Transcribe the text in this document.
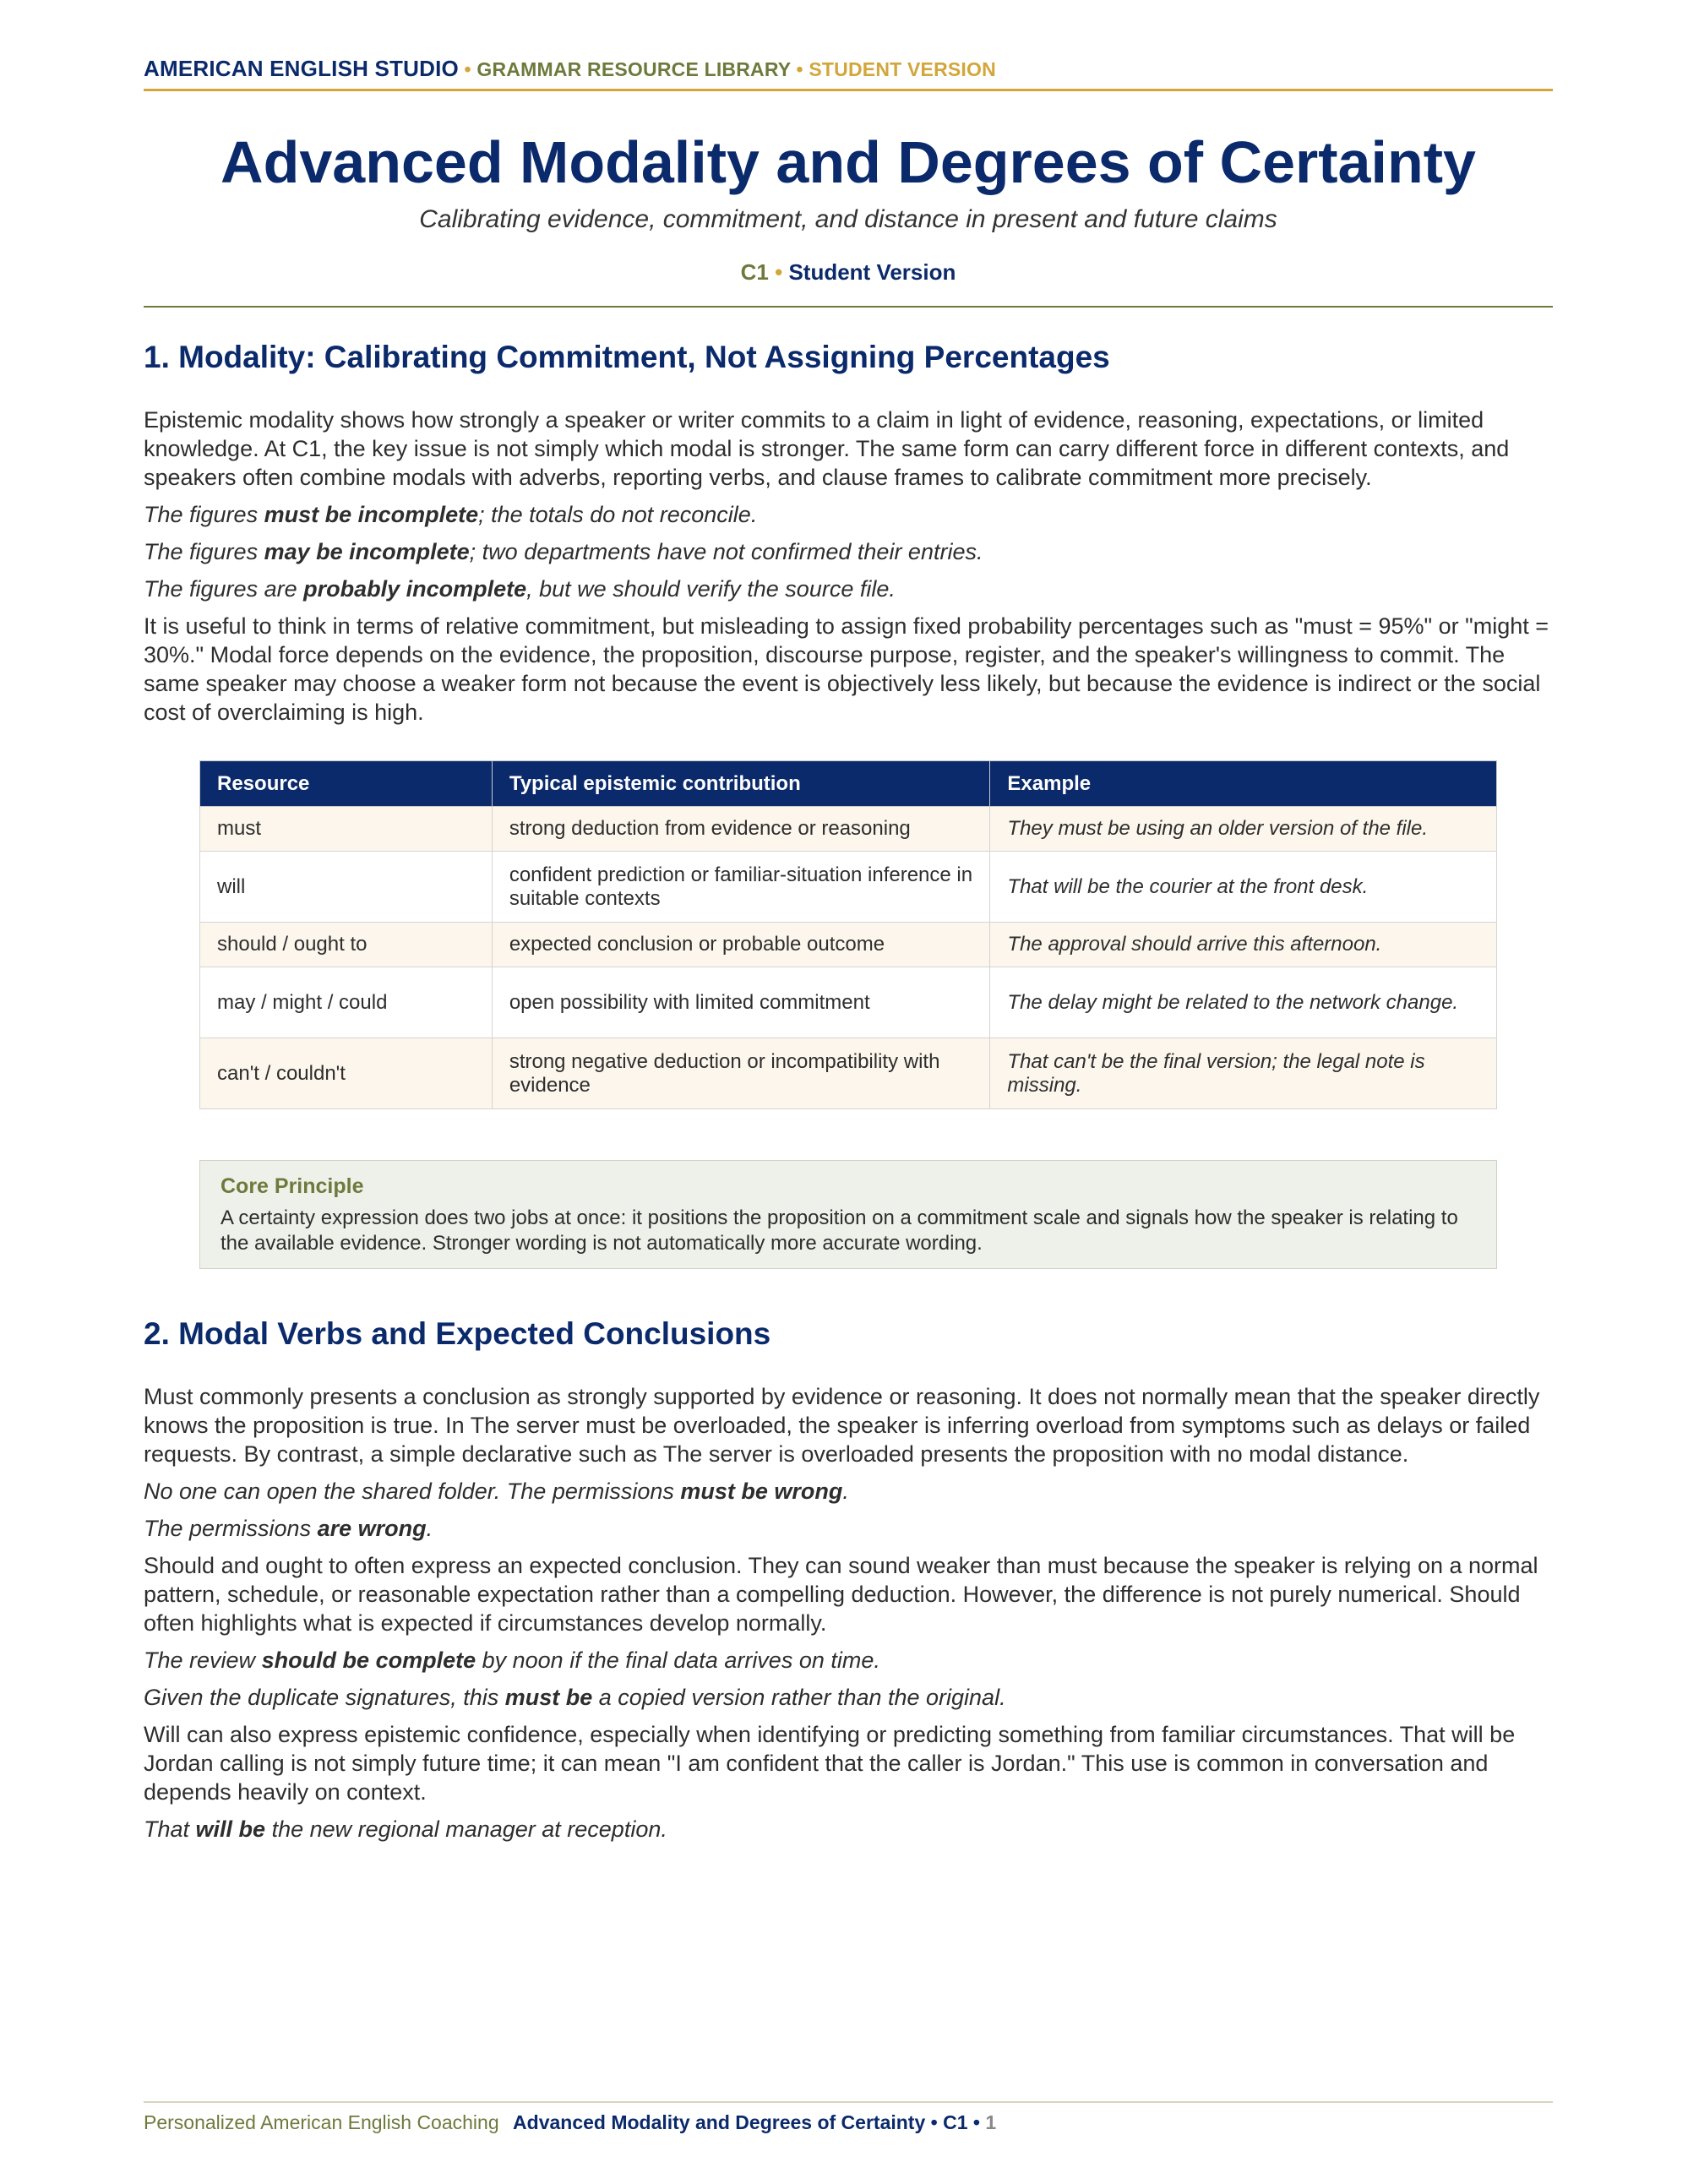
AMERICAN ENGLISH STUDIO • GRAMMAR RESOURCE LIBRARY • STUDENT VERSION
Advanced Modality and Degrees of Certainty
Calibrating evidence, commitment, and distance in present and future claims
C1 • Student Version
1. Modality: Calibrating Commitment, Not Assigning Percentages

Epistemic modality shows how strongly a speaker or writer commits to a claim in light of evidence, reasoning, expectations, or limited knowledge. At C1, the key issue is not simply which modal is stronger. The same form can carry different force in different contexts, and speakers often combine modals with adverbs, reporting verbs, and clause frames to calibrate commitment more precisely.

The figures must be incomplete; the totals do not reconcile.

The figures may be incomplete; two departments have not confirmed their entries.

The figures are probably incomplete, but we should verify the source file.

It is useful to think in terms of relative commitment, but misleading to assign fixed probability percentages such as "must = 95%" or "might = 30%." Modal force depends on the evidence, the proposition, discourse purpose, register, and the speaker's willingness to commit. The same speaker may choose a weaker form not because the event is objectively less likely, but because the evidence is indirect or the social cost of overclaiming is high.

Resource	Typical epistemic contribution	Example
must	strong deduction from evidence or reasoning	They must be using an older version of the file.
will	confident prediction or familiar-situation inference in suitable contexts	That will be the courier at the front desk.
should / ought to	expected conclusion or probable outcome	The approval should arrive this afternoon.
may / might / could	open possibility with limited commitment	The delay might be related to the network change.
can't / couldn't	strong negative deduction or incompatibility with evidence	That can't be the final version; the legal note is missing.
Core Principle
A certainty expression does two jobs at once: it positions the proposition on a commitment scale and signals how the speaker is relating to the available evidence. Stronger wording is not automatically more accurate wording.
2. Modal Verbs and Expected Conclusions

Must commonly presents a conclusion as strongly supported by evidence or reasoning. It does not normally mean that the speaker directly knows the proposition is true. In The server must be overloaded, the speaker is inferring overload from symptoms such as delays or failed requests. By contrast, a simple declarative such as The server is overloaded presents the proposition with no modal distance.

No one can open the shared folder. The permissions must be wrong.

The permissions are wrong.

Should and ought to often express an expected conclusion. They can sound weaker than must because the speaker is relying on a normal pattern, schedule, or reasonable expectation rather than a compelling deduction. However, the difference is not purely numerical. Should often highlights what is expected if circumstances develop normally.

The review should be complete by noon if the final data arrives on time.

Given the duplicate signatures, this must be a copied version rather than the original.

Will can also express epistemic confidence, especially when identifying or predicting something from familiar circumstances. That will be Jordan calling is not simply future time; it can mean "I am confident that the caller is Jordan." This use is common in conversation and depends heavily on context.

That will be the new regional manager at reception.

Personalized American English Coaching Advanced Modality and Degrees of Certainty • C1 • 1
